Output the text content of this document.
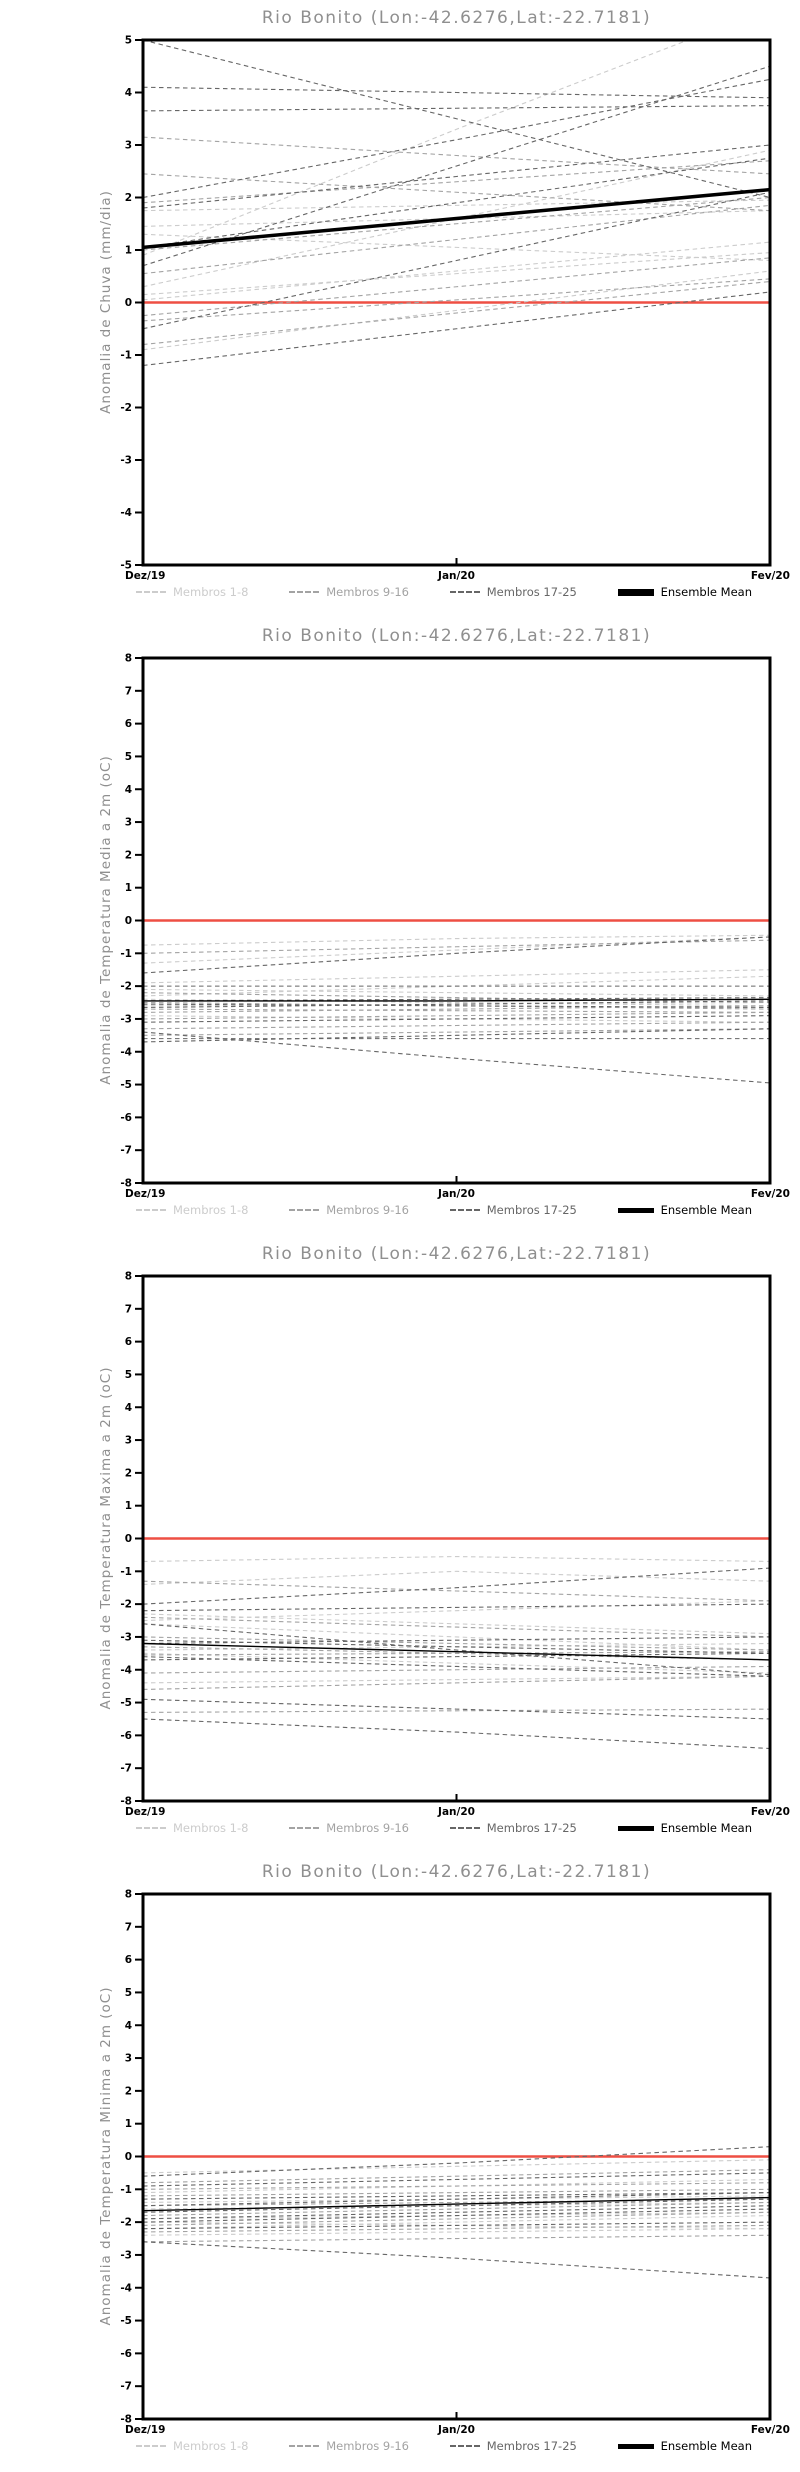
Rio Bonito (Lon:-42.6276,Lat:-22.7181)
Anomalia de Chuva (mm/dia)
5
4
3
2
1
0
-1
-2
-3
-4
-5
Dez/19	Jan/20	Fev/20
Membros 1-8	Membros 9-16	Membros 17-25	Ensemble Mean
Rio Bonito (Lon:-42.6276,Lat:-22.7181)
Anomalia de Temperatura Media a 2m (oC)
8
7
6
5
4
3
2
1
0
-1
-2
-3
-4
-5
-6
-7
-8
Dez/19	Jan/20	Fev/20
Membros 1-8	Membros 9-16	Membros 17-25	Ensemble Mean
Rio Bonito (Lon:-42.6276,Lat:-22.7181)
Anomalia de Temperatura Maxima a 2m (oC)
8
7
6
5
4
3
2
1
0
-1
-2
-3
-4
-5
-6
-7
-8
Dez/19	Jan/20	Fev/20
Membros 1-8	Membros 9-16	Membros 17-25	Ensemble Mean
Rio Bonito (Lon:-42.6276,Lat:-22.7181)
Anomalia de Temperatura Minima a 2m (oC)
8
7
6
5
4
3
2
1
0
-1
-2
-3
-4
-5
-6
-7
-8
Dez/19	Jan/20	Fev/20
Membros 1-8	Membros 9-16	Membros 17-25	Ensemble Mean
